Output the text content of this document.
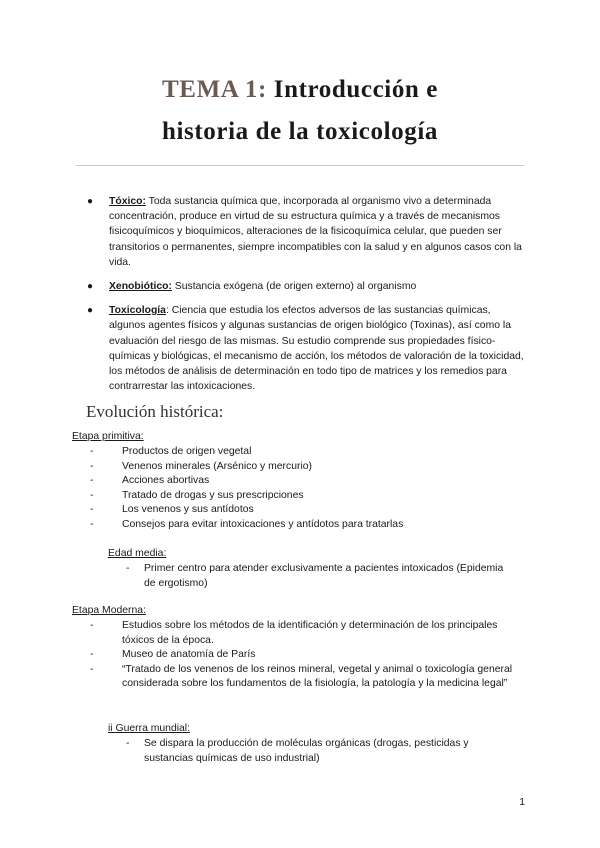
TEMA 1: Introducción e
historia de la toxicología
● Tóxico: Toda sustancia química que, incorporada al organismo vivo a determinada concentración, produce en virtud de su estructura química y a través de mecanismos fisicoquímicos y bioquímicos, alteraciones de la fisicoquímica celular, que pueden ser transitorios o permanentes, siempre incompatibles con la salud y en algunos casos con la vida.
● Xenobiótico: Sustancia exógena (de origen externo) al organismo
● Toxicología: Ciencia que estudia los efectos adversos de las sustancias químicas, algunos agentes físicos y algunas sustancias de origen biológico (Toxinas), así como la evaluación del riesgo de las mismas. Su estudio comprende sus propiedades físico-químicas y biológicas, el mecanismo de acción, los métodos de valoración de la toxicidad, los métodos de análisis de determinación en todo tipo de matrices y los remedios para contrarrestar las intoxicaciones.
Evolución histórica:

Etapa primitiva:

-	Productos de origen vegetal
-	Venenos minerales (Arsénico y mercurio)
-	Acciones abortivas
-	Tratado de drogas y sus prescripciones
-	Los venenos y sus antídotos
-	Consejos para evitar intoxicaciones y antídotos para tratarlas

Edad media:

- Primer centro para atender exclusivamente a pacientes intoxicados (Epidemia de ergotismo)

Etapa Moderna:

-	Estudios sobre los métodos de la identificación y determinación de los principales tóxicos de la época.
-	Museo de anatomía de París
-	“Tratado de los venenos de los reinos mineral, vegetal y animal o toxicología general considerada sobre los fundamentos de la fisiología, la patología y la medicina legal”

ii Guerra mundial:

- Se dispara la producción de moléculas orgánicas (drogas, pesticidas y sustancias químicas de uso industrial)
1
